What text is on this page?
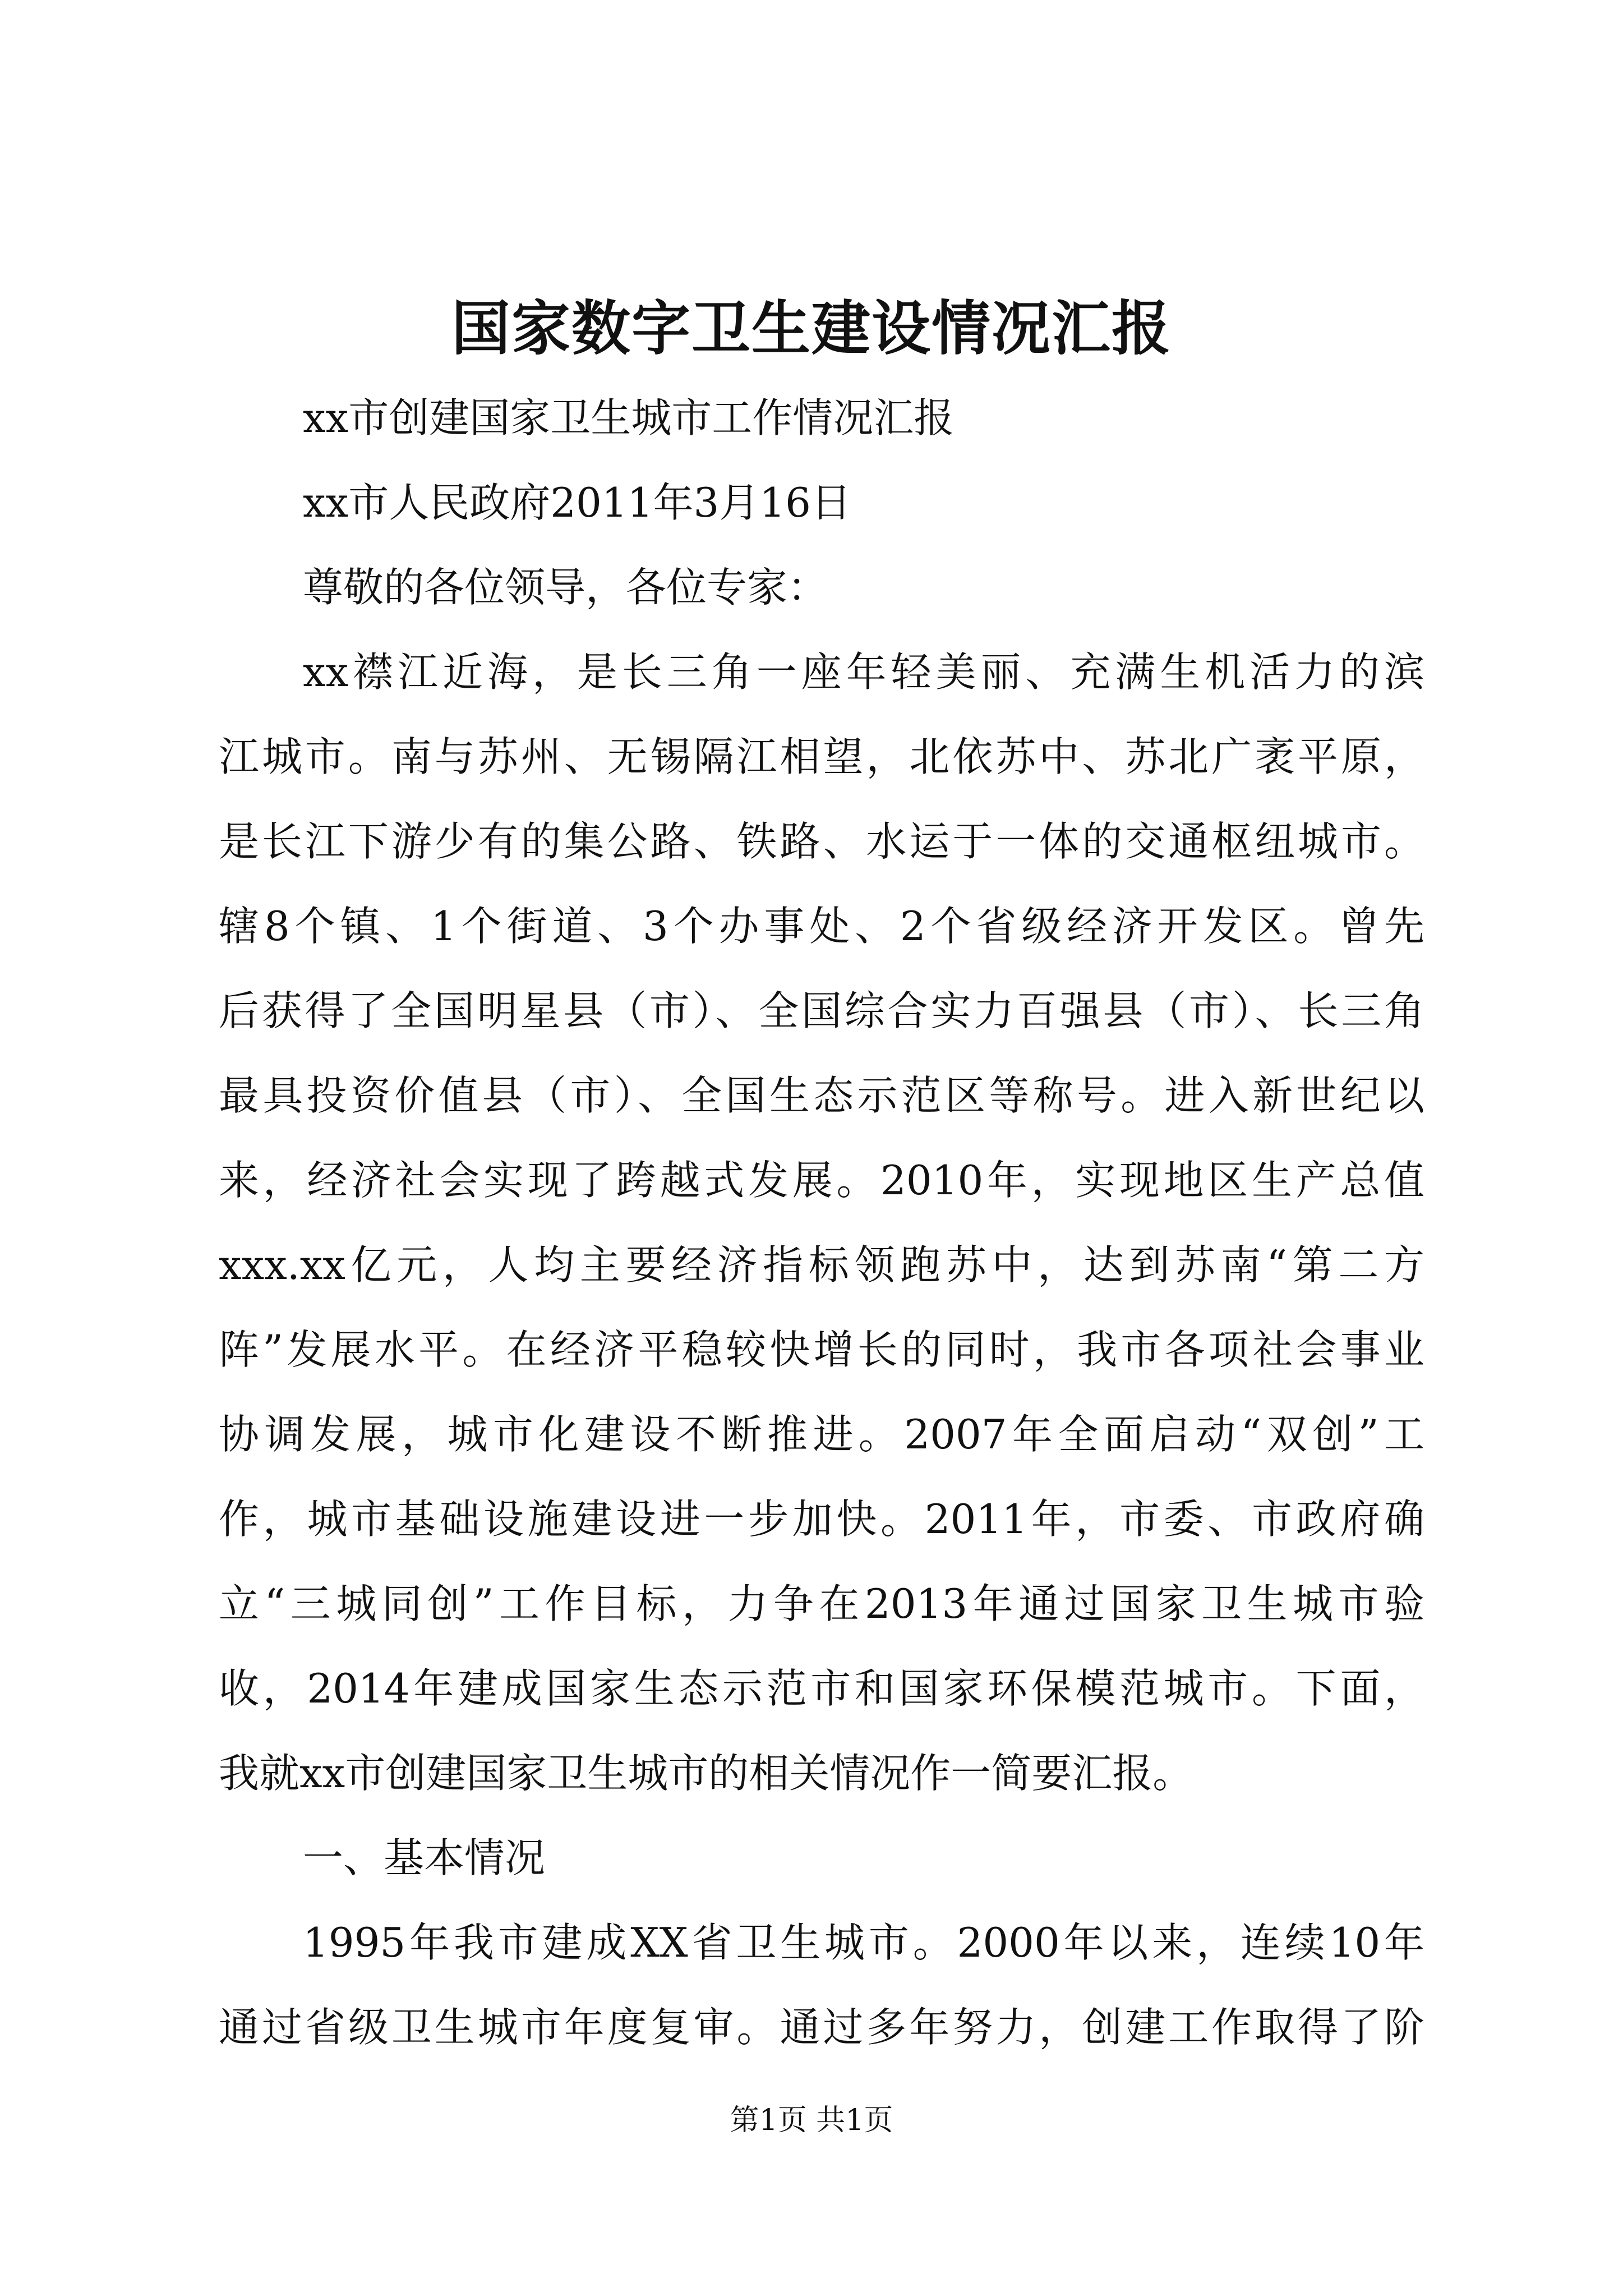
国家数字卫生建设情况汇报
xx市创建国家卫生城市工作情况汇报
xx市人民政府2011年3月16日
尊敬的各位领导，各位专家：
xx襟江近海，是长三角一座年轻美丽、充满生机活力的滨
江城市。南与苏州、无锡隔江相望，北依苏中、苏北广袤平原，
是长江下游少有的集公路、铁路、水运于一体的交通枢纽城市。
辖8个镇、1个街道、3个办事处、2个省级经济开发区。曾先
后获得了全国明星县（市）、全国综合实力百强县（市）、长三角
最具投资价值县（市）、全国生态示范区等称号。进入新世纪以
来，经济社会实现了跨越式发展。2010年，实现地区生产总值
xxx.xx亿元，人均主要经济指标领跑苏中，达到苏南“第二方
阵”发展水平。在经济平稳较快增长的同时，我市各项社会事业
协调发展，城市化建设不断推进。2007年全面启动“双创”工
作，城市基础设施建设进一步加快。2011年，市委、市政府确
立“三城同创”工作目标，力争在2013年通过国家卫生城市验
收，2014年建成国家生态示范市和国家环保模范城市。下面，
我就xx市创建国家卫生城市的相关情况作一简要汇报。
一、基本情况
1995年我市建成XX省卫生城市。2000年以来，连续10年
通过省级卫生城市年度复审。通过多年努力，创建工作取得了阶
第1页 共1页
